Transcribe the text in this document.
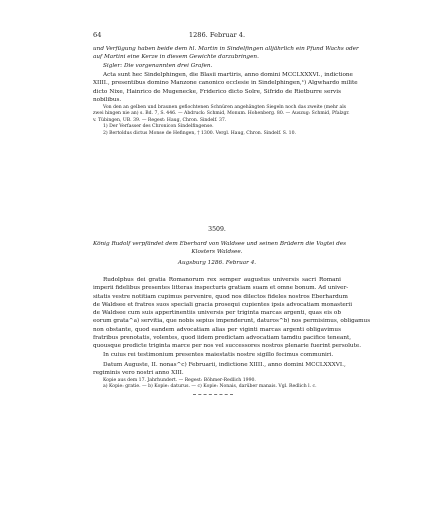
64	1286. Februar 4.
und Verfügung haben beide dem hl. Martin in Sindelfingen alljährlich ein Pfund Wachs oder
auf Martini eine Kerze in diesem Gewichte darzubringen.
Sigler: Die vorgenannten drei Grafen.
Acta sunt hec Sindelphingen, die Blasii martiris, anno domini MCCLXXXVI., indictione
XIIII., presentibus domino Manzone canonico ecclesie in Sindelphingen,¹) Algwhardo milite
dicto Nixe, Hainrico de Mugenecke, Friderico dicto Solre, Sifrido de Rietburre servis
nobilibus.
Von den an gelben und braunen geflochtenen Schnüren angehängten Siegeln noch das zweite (mehr als
zwei hingen nie an) s. Bd. 7, S. 446. — Abdruck: Schmid, Monum. Hohenberg. 80. — Auszug: Schmid, Pfalzgr.
v. Tübingen, UB. 39. — Regest: Haug, Chron. Sindelf. 37.
1) Der Verfasser des Chronicon Sindelfingense.
2) Bertoldus dictus Monse de Hefingen, † 1300. Vergl. Haug, Chron. Sindelf. S. 10.
3509.
König Rudolf verpfändet dem Eberhard von Waldsee und seinen Brüdern die Vogtei des
Klosters Waldsee.
Augsburg 1286. Februar 4.
Rudolphus dei gratia Romanorum rex semper augustus universis sacri Romani
imperii fidelibus presentes litteras inspecturis gratiam suam et omne bonum. Ad univer-
sitatis vestre notitiam cupimus pervenire, quod nos dilectos fideles nostros Eberhardum
de Waldsee et fratres suos speciali gracia prosequi cupientes ipsis advocatiam monasterii
de Waldsee cum suis appertinentiis universis per triginta marcas argenti, quas eis ob
eorum grata^a) servitia, que nobis sepius impenderunt, daturos^b) nos permisimus, obligamus
non obstante, quod eandem advocatiam alias per viginti marcas argenti obligavimus
fratribus prenotatis, volentes, quod iidem predictam advocatiam tamdiu pacifice teneant,
quousque predicte triginta marce per nos vel successores nostros plenarie fuerint persolute.
In cuius rei testimonium presentes maiestatis nostre sigillo fecimus communiri.
Datum Auguste, II. nonas^c) Februarii, indictione XIIII., anno domini MCCLXXXVI.,
regiminis vero nostri anno XIII.
Kopie aus dem 17. Jahrhundert. — Regest: Böhmer-Redlich 1990.
a) Kopie: gratie. — b) Kopie: daturus. — c) Kopie: Nonais, darüber manais. Vgl. Redlich l. c.
